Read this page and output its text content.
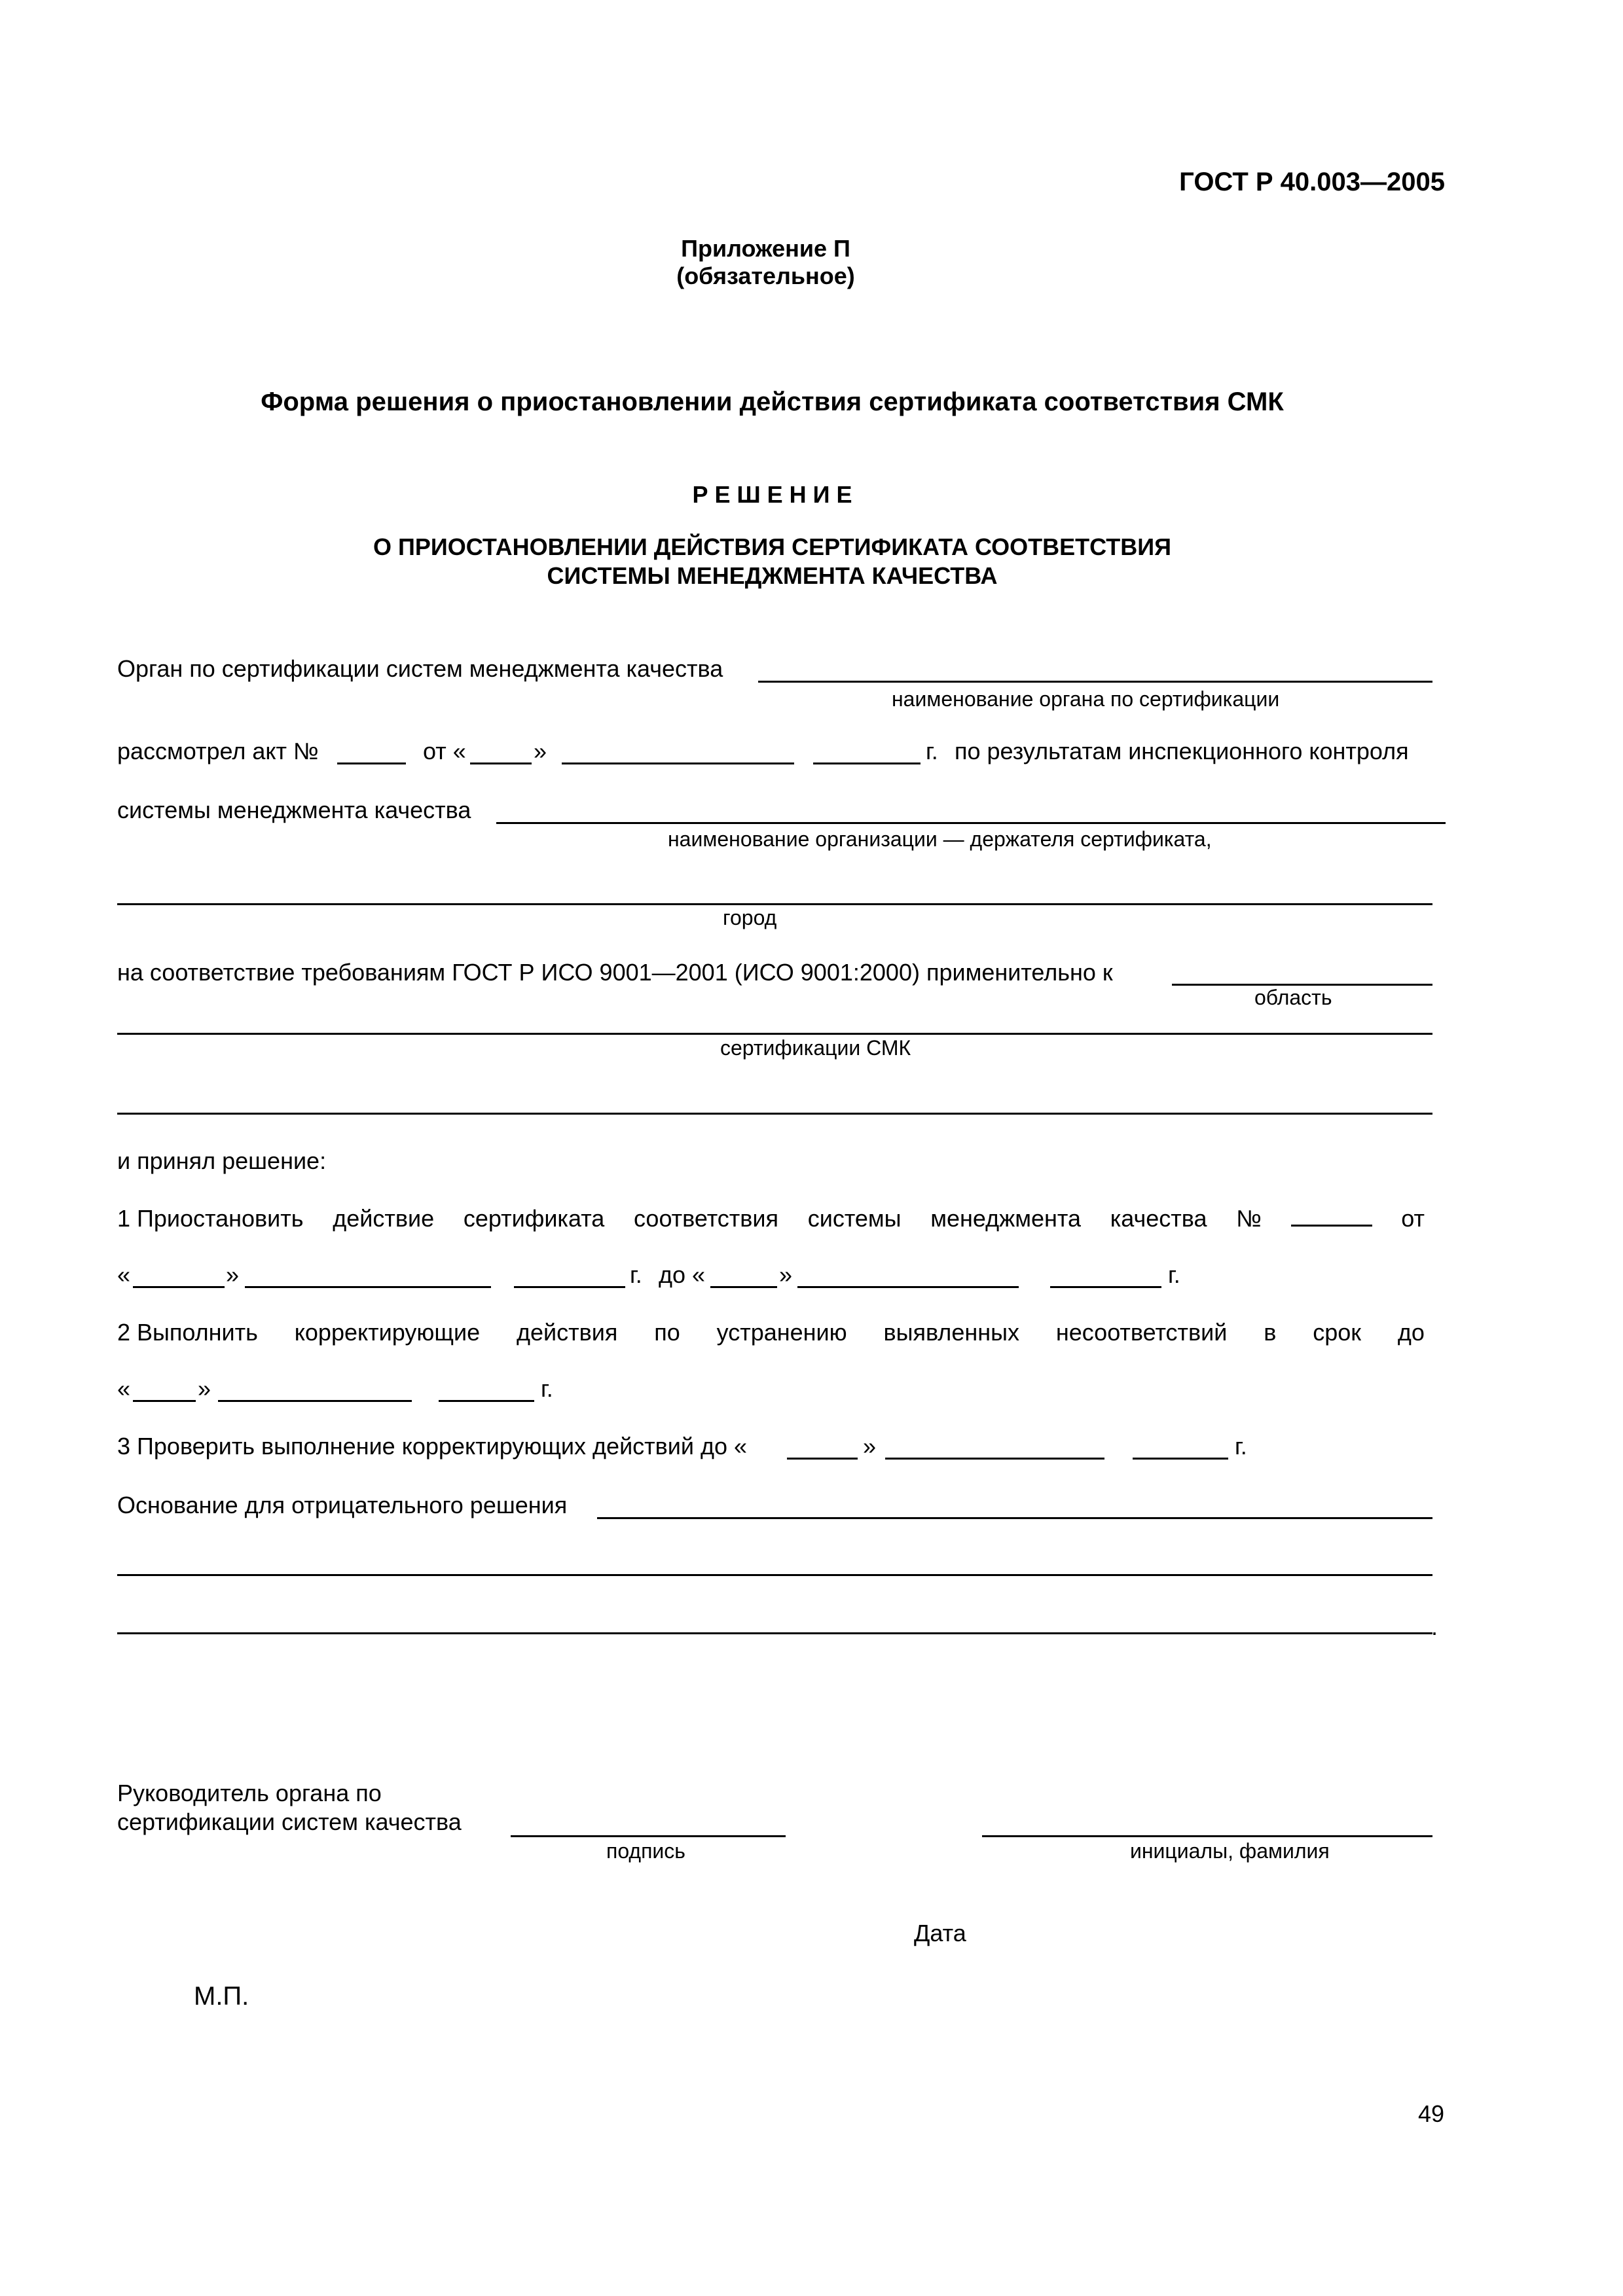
ГОСТ Р 40.003—2005
Приложение П
(обязательное)
Форма решения о приостановлении действия сертификата соответствия СМК
Р Е Ш Е Н И Е
О ПРИОСТАНОВЛЕНИИ ДЕЙСТВИЯ СЕРТИФИКАТА СООТВЕТСТВИЯ
СИСТЕМЫ МЕНЕДЖМЕНТА КАЧЕСТВА
Орган по сертификации систем менеджмента качества
наименование органа по сертификации
рассмотрел акт №	от «	»	г. по результатам инспекционного контроля
системы менеджмента качества
наименование организации — держателя сертификата,
город
на соответствие требованиям ГОСТ Р ИСО 9001—2001 (ИСО 9001:2000) применительно к
область
сертификации СМК
и принял решение:
1 Приостановить действие сертификата соответствия системы менеджмента качества №	от
«	»	г. до «	»	г.
2 Выполнить корректирующие действия по устранению выявленных несоответствий в срок до
«	»	г.
3 Проверить выполнение корректирующих действий до «	»	г.
Основание для отрицательного решения
.
Руководитель органа по
сертификации систем качества
подпись	инициалы, фамилия
Дата
М.П.
49
